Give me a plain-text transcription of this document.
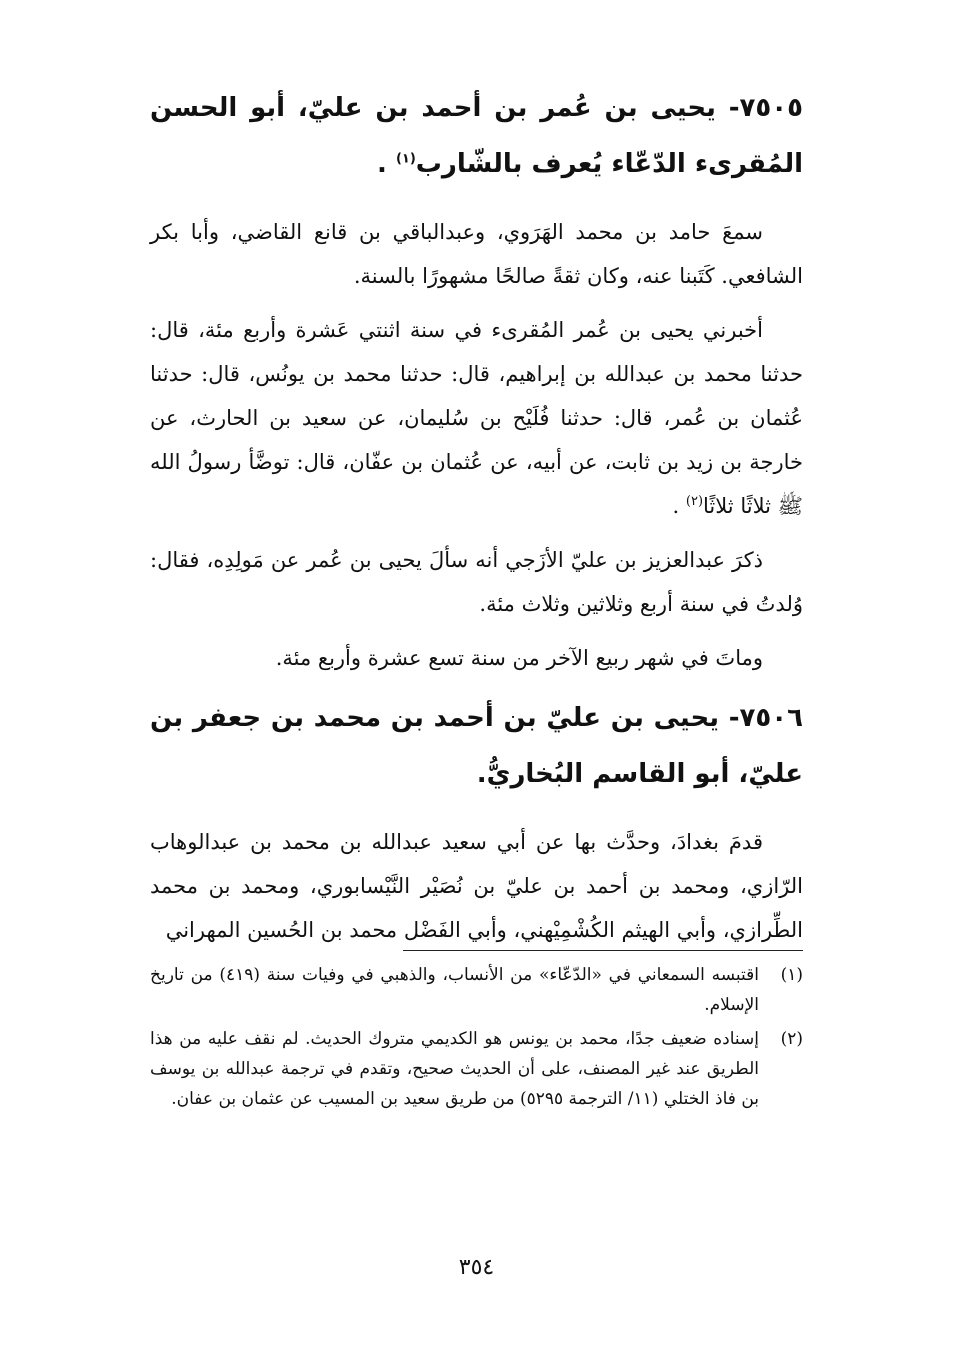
٧٥٠٥- يحيى بن عُمر بن أحمد بن عليّ، أبو الحسن المُقرىء الدّعّاء يُعرف بالشّارب$^{(١)}$ .

سمعَ حامد بن محمد الهَرَوي، وعبدالباقي بن قانع القاضي، وأبا بكر الشافعي. كَتَبنا عنه، وكان ثقةً صالحًا مشهورًا بالسنة.

أخبرني يحيى بن عُمر المُقرىء في سنة اثنتي عَشرة وأربع مئة، قال: حدثنا محمد بن عبدالله بن إبراهيم، قال: حدثنا محمد بن يونُس، قال: حدثنا عُثمان بن عُمر، قال: حدثنا فُلَيْح بن سُليمان، عن سعيد بن الحارث، عن خارجة بن زيد بن ثابت، عن أبيه، عن عُثمان بن عفّان، قال: توضَّأ رسولُ الله ﷺ ثلاثًا ثلاثًا$^{(٢)}$ .

ذكرَ عبدالعزيز بن عليّ الأزَجي أنه سألَ يحيى بن عُمر عن مَولِدِه، فقال: وُلدتُ في سنة أربع وثلاثين وثلاث مئة.

وماتَ في شهر ربيع الآخر من سنة تسع عشرة وأربع مئة.

٧٥٠٦- يحيى بن عليّ بن أحمد بن محمد بن جعفر بن عليّ، أبو القاسم البُخاريُّ.

قدمَ بغدادَ، وحدَّث بها عن أبي سعيد عبدالله بن محمد بن عبدالوهاب الرّازي، ومحمد بن أحمد بن عليّ بن نُصَيْر النَّيْسابوري، ومحمد بن محمد الطِّرازي، وأبي الهيثم الكُشْمِيْهني، وأبي الفَضْل محمد بن الحُسين المهراني

(١)
اقتبسه السمعاني في «الدّعّاء» من الأنساب، والذهبي في وفيات سنة (٤١٩) من تاريخ الإسلام.
(٢)
إسناده ضعيف جدًا، محمد بن يونس هو الكديمي متروك الحديث. لم نقف عليه من هذا الطريق عند غير المصنف، على أن الحديث صحيح، وتقدم في ترجمة عبدالله بن يوسف بن فاذ الختلي (١١/ الترجمة ٥٢٩٥) من طريق سعيد بن المسيب عن عثمان بن عفان.
٣٥٤
